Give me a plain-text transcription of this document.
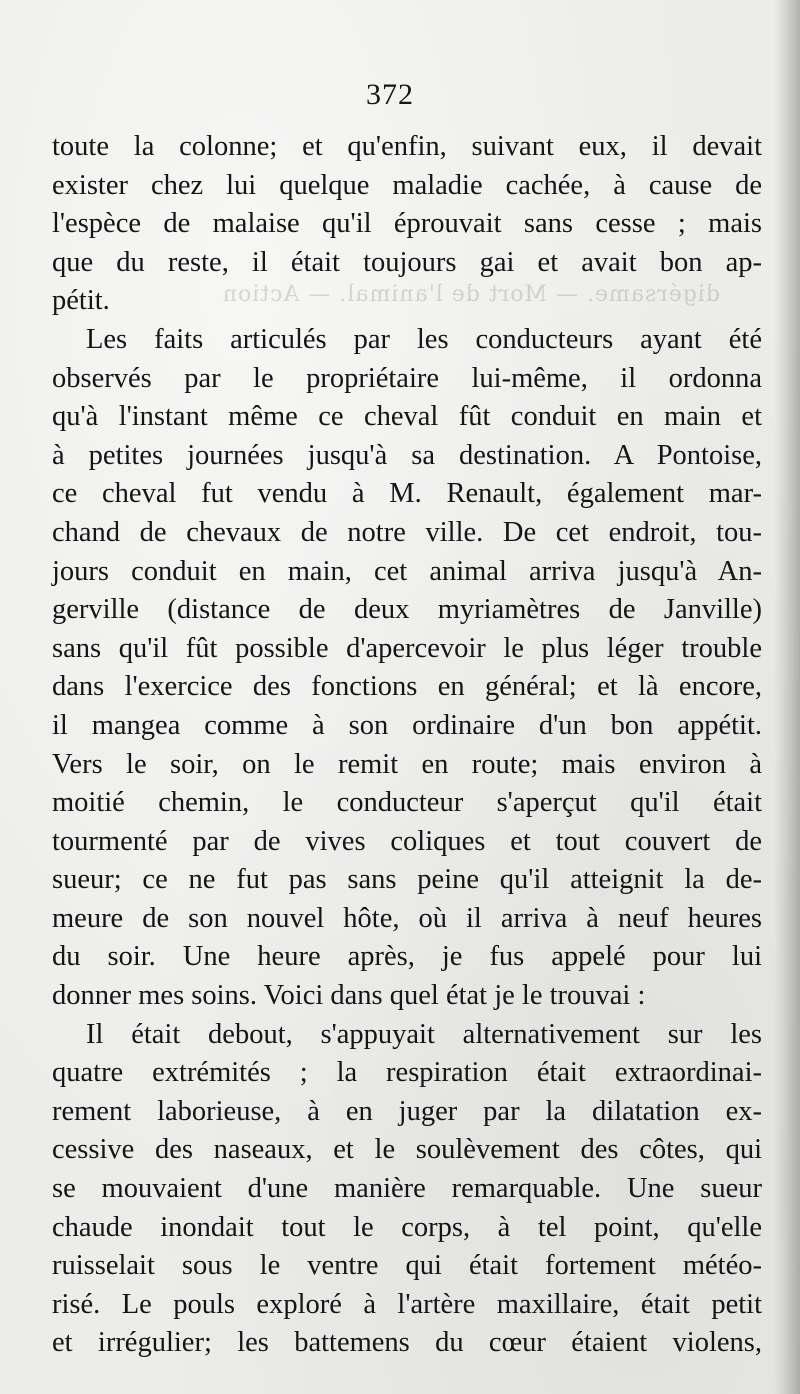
digérsame. — Mort de l'animal. — Action
372
toute la colonne; et qu'enfin, suivant eux, il devait
exister chez lui quelque maladie cachée, à cause de
l'espèce de malaise qu'il éprouvait sans cesse ; mais
que du reste, il était toujours gai et avait bon ap-
pétit.
Les faits articulés par les conducteurs ayant été
observés par le propriétaire lui-même, il ordonna
qu'à l'instant même ce cheval fût conduit en main et
à petites journées jusqu'à sa destination. A Pontoise,
ce cheval fut vendu à M. Renault, également mar-
chand de chevaux de notre ville. De cet endroit, tou-
jours conduit en main, cet animal arriva jusqu'à An-
gerville (distance de deux myriamètres de Janville)
sans qu'il fût possible d'apercevoir le plus léger trouble
dans l'exercice des fonctions en général; et là encore,
il mangea comme à son ordinaire d'un bon appétit.
Vers le soir, on le remit en route; mais environ à
moitié chemin, le conducteur s'aperçut qu'il était
tourmenté par de vives coliques et tout couvert de
sueur; ce ne fut pas sans peine qu'il atteignit la de-
meure de son nouvel hôte, où il arriva à neuf heures
du soir. Une heure après, je fus appelé pour lui
donner mes soins. Voici dans quel état je le trouvai :
Il était debout, s'appuyait alternativement sur les
quatre extrémités ; la respiration était extraordinai-
rement laborieuse, à en juger par la dilatation ex-
cessive des naseaux, et le soulèvement des côtes, qui
se mouvaient d'une manière remarquable. Une sueur
chaude inondait tout le corps, à tel point, qu'elle
ruisselait sous le ventre qui était fortement météo-
risé. Le pouls exploré à l'artère maxillaire, était petit
et irrégulier; les battemens du cœur étaient violens,
